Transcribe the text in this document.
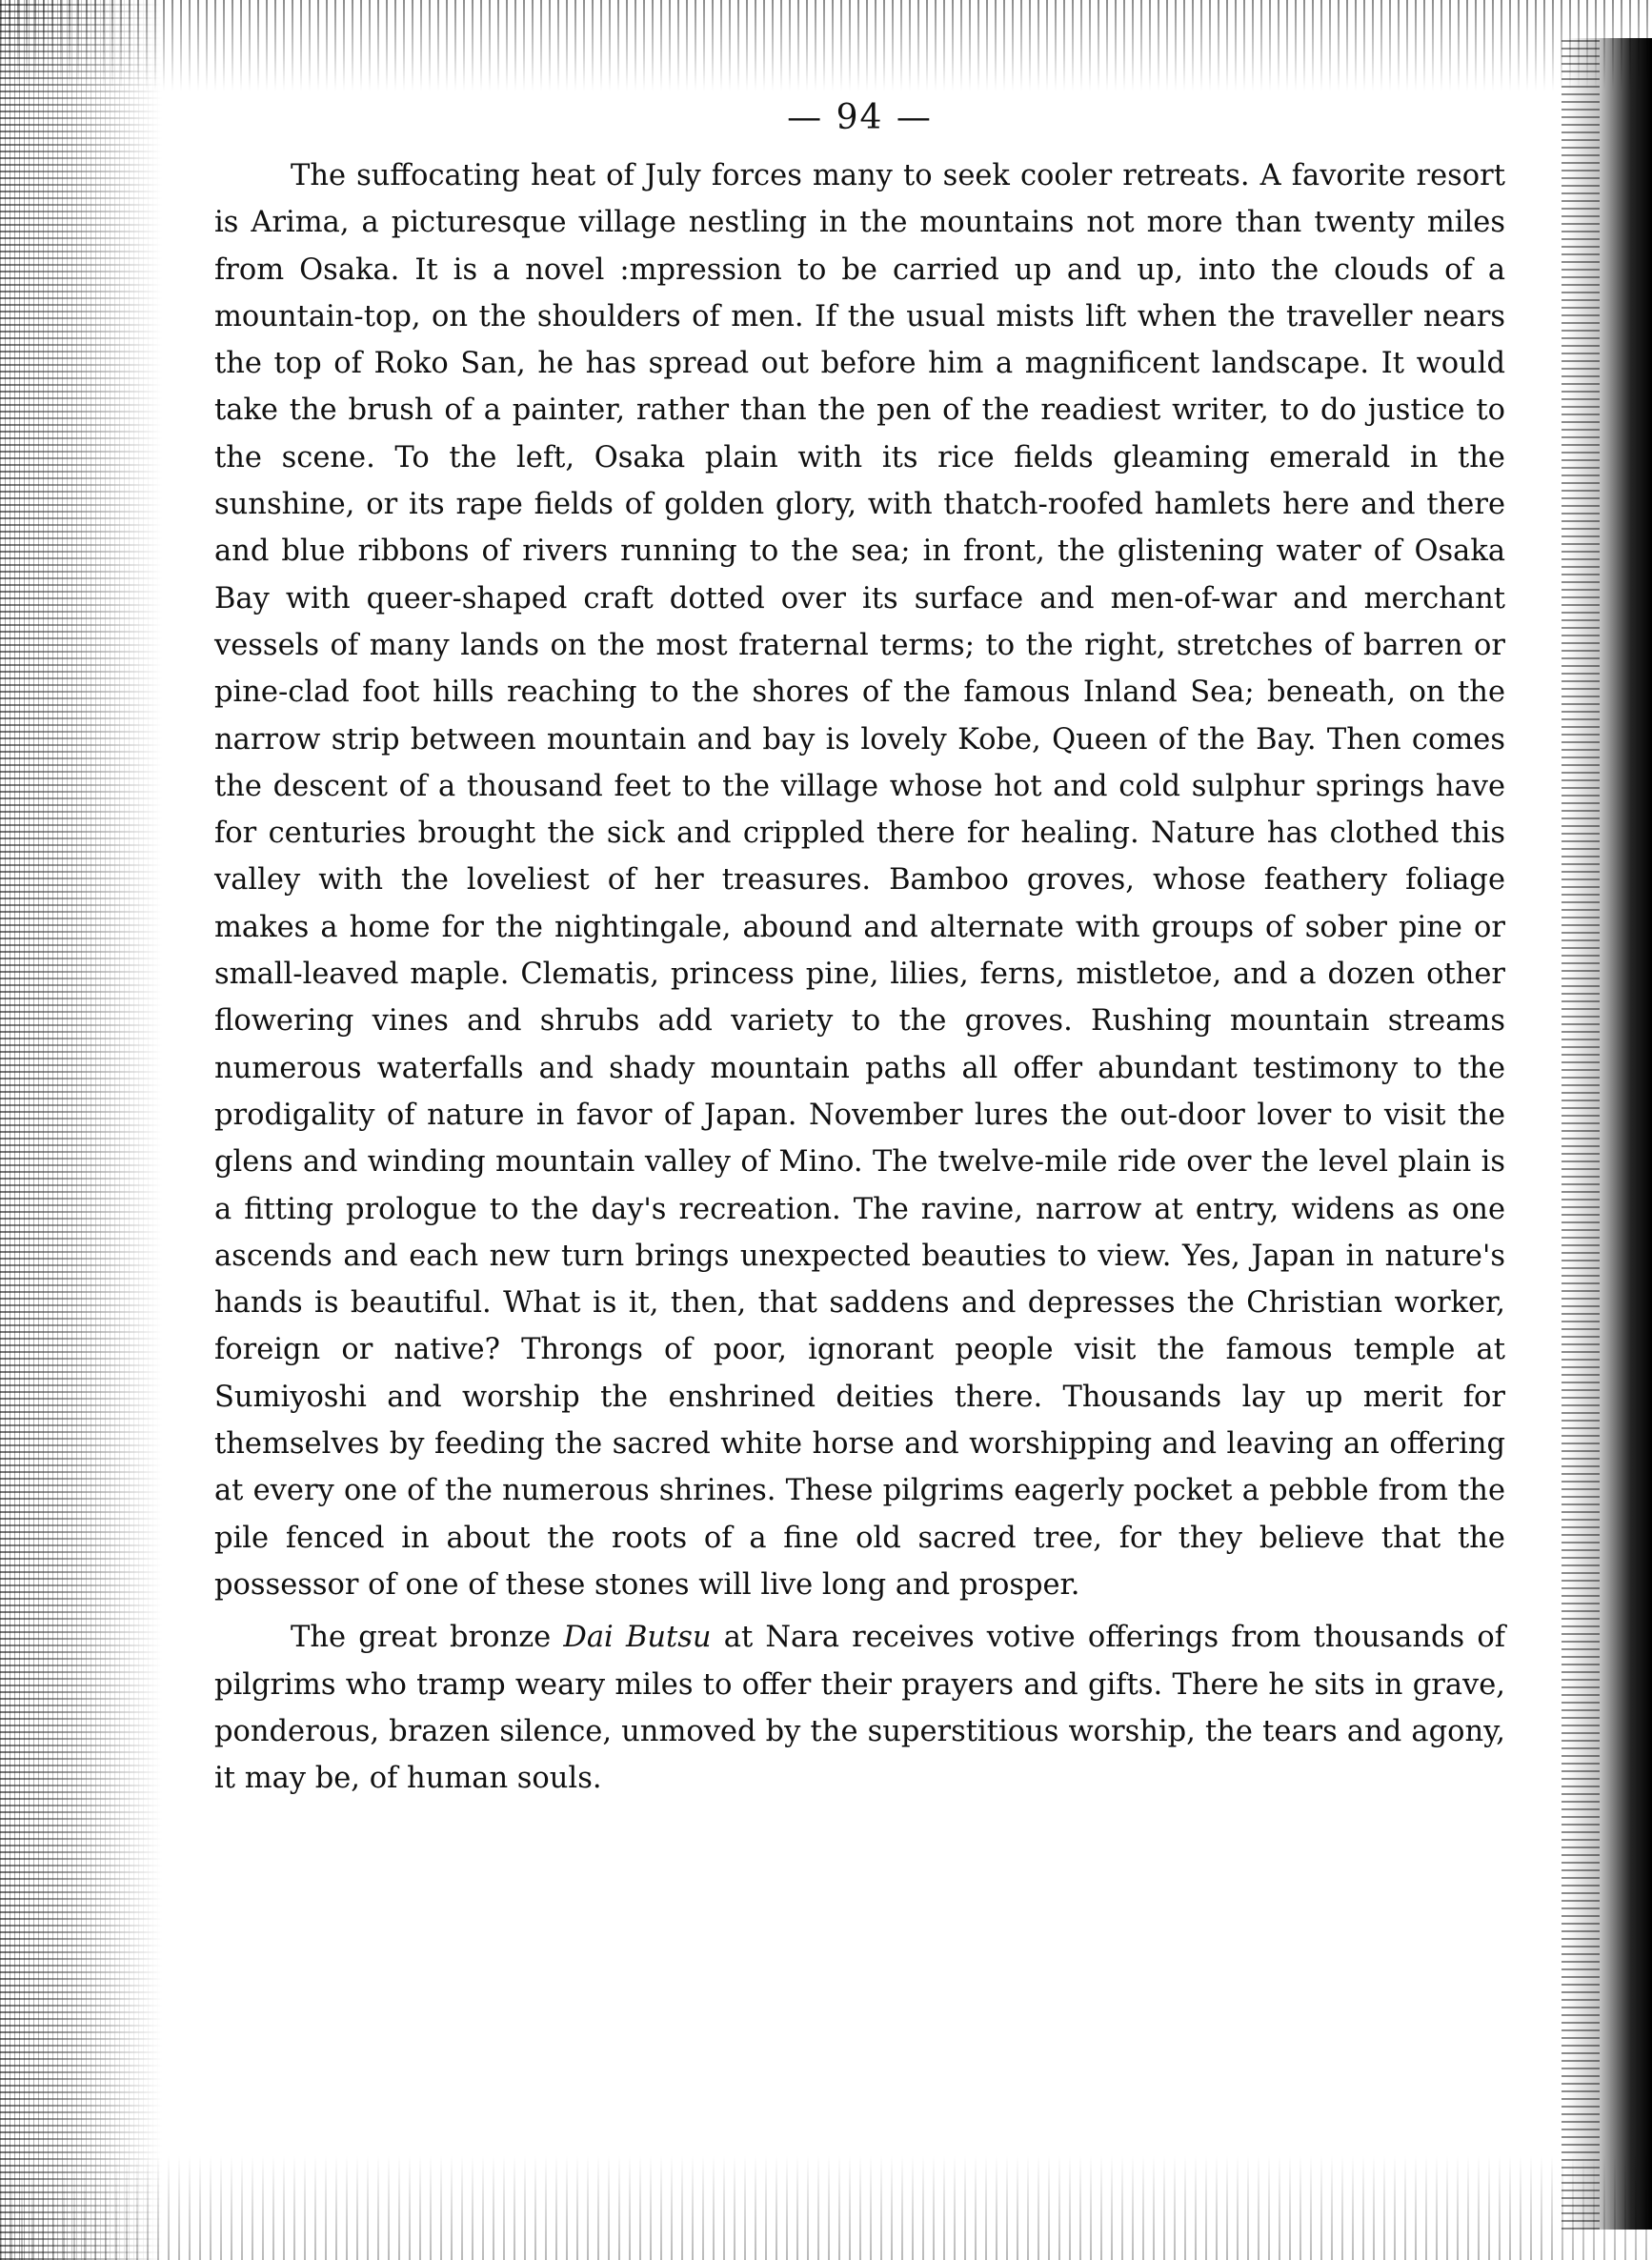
— 94 —

The suffocating heat of July forces many to seek cooler retreats. A favorite resort is Arima, a picturesque village nestling in the mountains not more than twenty miles from Osaka. It is a novel :mpression to be carried up and up, into the clouds of a mountain-top, on the shoulders of men. If the usual mists lift when the traveller nears the top of Roko San, he has spread out before him a magnificent landscape. It would take the brush of a painter, rather than the pen of the readiest writer, to do justice to the scene. To the left, Osaka plain with its rice fields gleaming emerald in the sunshine, or its rape fields of golden glory, with thatch-roofed hamlets here and there and blue ribbons of rivers running to the sea; in front, the glistening water of Osaka Bay with queer-shaped craft dotted over its surface and men-of-war and merchant vessels of many lands on the most fraternal terms; to the right, stretches of barren or pine-clad foot hills reaching to the shores of the famous Inland Sea; beneath, on the narrow strip between mountain and bay is lovely Kobe, Queen of the Bay. Then comes the descent of a thousand feet to the village whose hot and cold sulphur springs have for centuries brought the sick and crippled there for healing. Nature has clothed this valley with the loveliest of her treasures. Bamboo groves, whose feathery foliage makes a home for the nightingale, abound and alternate with groups of sober pine or small-leaved maple. Clematis, princess pine, lilies, ferns, mistletoe, and a dozen other flowering vines and shrubs add variety to the groves. Rushing mountain streams numerous waterfalls and shady mountain paths all offer abundant testimony to the prodigality of nature in favor of Japan. November lures the out-door lover to visit the glens and winding mountain valley of Mino. The twelve-mile ride over the level plain is a fitting prologue to the day's recreation. The ravine, narrow at entry, widens as one ascends and each new turn brings unexpected beauties to view. Yes, Japan in nature's hands is beautiful. What is it, then, that saddens and depresses the Christian worker, foreign or native? Throngs of poor, ignorant people visit the famous temple at Sumiyoshi and worship the enshrined deities there. Thousands lay up merit for themselves by feeding the sacred white horse and worshipping and leaving an offering at every one of the numerous shrines. These pilgrims eagerly pocket a pebble from the pile fenced in about the roots of a fine old sacred tree, for they believe that the possessor of one of these stones will live long and prosper.

The great bronze Dai Butsu at Nara receives votive offerings from thousands of pilgrims who tramp weary miles to offer their prayers and gifts. There he sits in grave, ponderous, brazen silence, unmoved by the superstitious worship, the tears and agony, it may be, of human souls.
